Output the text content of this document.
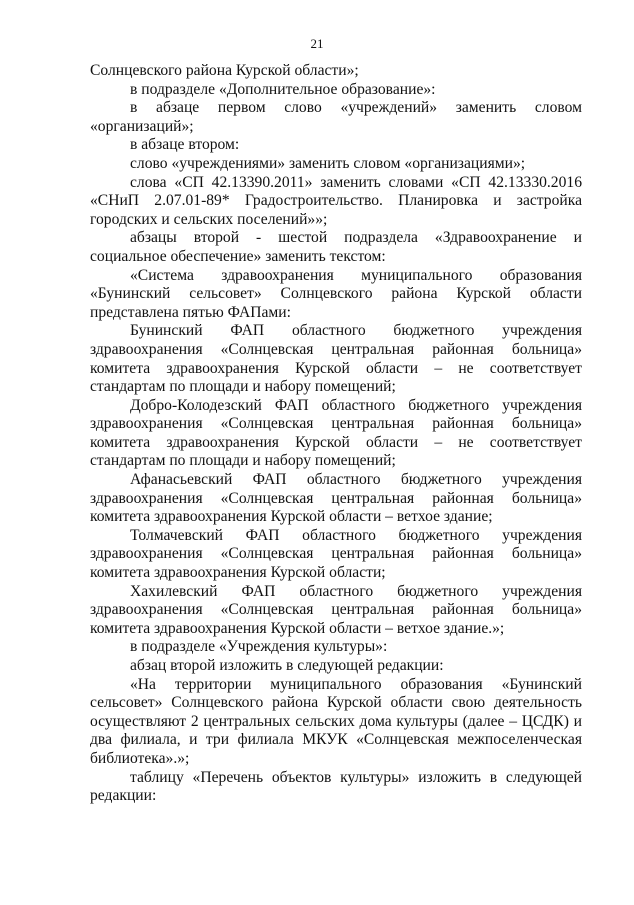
21

Солнцевского района Курской области»;

в подразделе «Дополнительное образование»:

в абзаце первом слово «учреждений» заменить словом «организаций»;

в абзаце втором:

слово «учреждениями» заменить словом «организациями»;

слова «СП 42.13390.2011» заменить словами «СП 42.13330.2016 «СНиП 2.07.01-89* Градостроительство. Планировка и застройка городских и сельских поселений»»;

абзацы второй - шестой подраздела «Здравоохранение и социальное обеспечение» заменить текстом:

«Система здравоохранения муниципального образования «Бунинский сельсовет» Солнцевского района Курской области представлена пятью ФАПами:

Бунинский ФАП областного бюджетного учреждения здравоохранения «Солнцевская центральная районная больница» комитета здравоохранения Курской области – не соответствует стандартам по площади и набору помещений;

Добро-Колодезский ФАП областного бюджетного учреждения здравоохранения «Солнцевская центральная районная больница» комитета здравоохранения Курской области – не соответствует стандартам по площади и набору помещений;

Афанасьевский ФАП областного бюджетного учреждения здравоохранения «Солнцевская центральная районная больница» комитета здравоохранения Курской области – ветхое здание;

Толмачевский ФАП областного бюджетного учреждения здравоохранения «Солнцевская центральная районная больница» комитета здравоохранения Курской области;

Хахилевский ФАП областного бюджетного учреждения здравоохранения «Солнцевская центральная районная больница» комитета здравоохранения Курской области – ветхое здание.»;

в подразделе «Учреждения культуры»:

абзац второй изложить в следующей редакции:

«На территории муниципального образования «Бунинский сельсовет» Солнцевского района Курской области свою деятельность осуществляют 2 центральных сельских дома культуры (далее – ЦСДК) и два филиала, и три филиала МКУК «Солнцевская межпоселенческая библиотека».»;

таблицу «Перечень объектов культуры» изложить в следующей редакции:
